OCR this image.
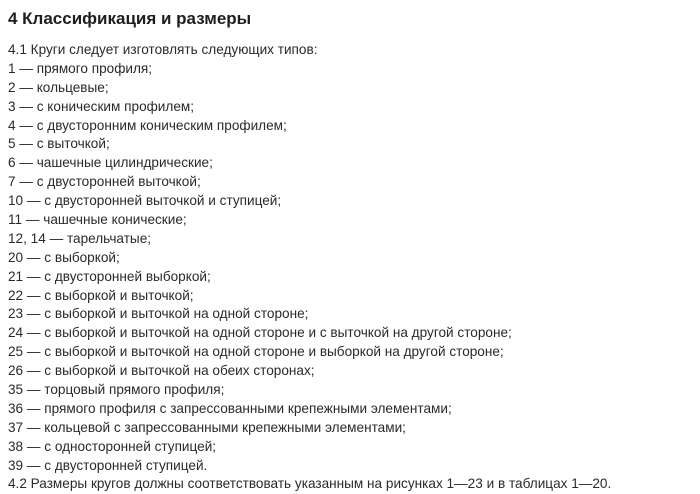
4 Классификация и размеры
4.1 Круги следует изготовлять следующих типов:
1 — прямого профиля;
2 — кольцевые;
3 — с коническим профилем;
4 — с двусторонним коническим профилем;
5 — с выточкой;
6 — чашечные цилиндрические;
7 — с двусторонней выточкой;
10 — с двусторонней выточкой и ступицей;
11 — чашечные конические;
12, 14 — тарельчатые;
20 — с выборкой;
21 — с двусторонней выборкой;
22 — с выборкой и выточкой;
23 — с выборкой и выточкой на одной стороне;
24 — с выборкой и выточкой на одной стороне и с выточкой на другой стороне;
25 — с выборкой и выточкой на одной стороне и выборкой на другой стороне;
26 — с выборкой и выточкой на обеих сторонах;
35 — торцовый прямого профиля;
36 — прямого профиля с запрессованными крепежными элементами;
37 — кольцевой с запрессованными крепежными элементами;
38 — с односторонней ступицей;
39 — с двусторонней ступицей.
4.2 Размеры кругов должны соответствовать указанным на рисунках 1—23 и в таблицах 1—20.
